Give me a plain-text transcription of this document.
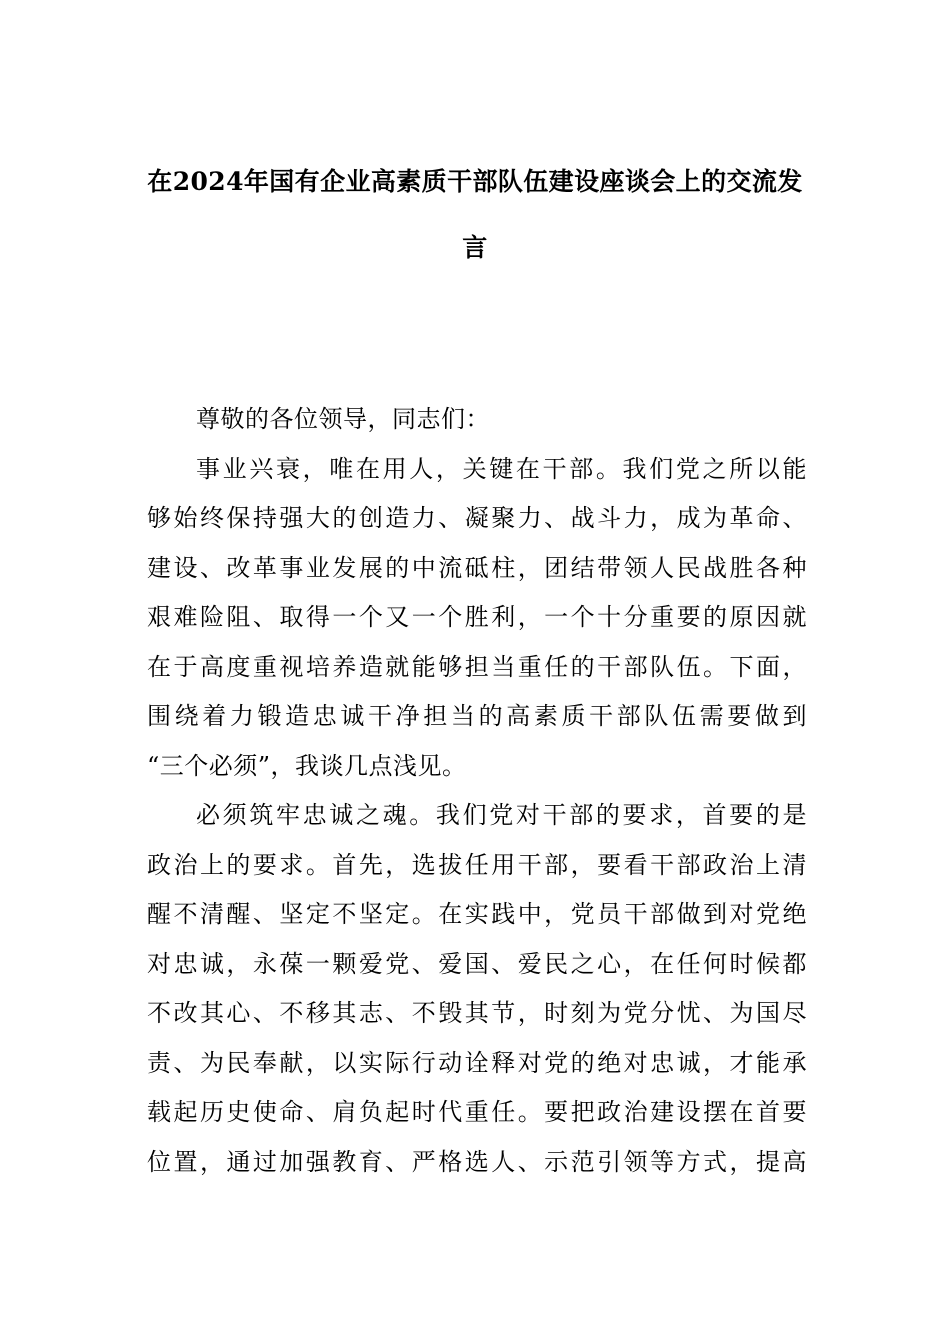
在2024年国有企业高素质干部队伍建设座谈会上的交流发
言
尊敬的各位领导，同志们：
事业兴衰，唯在用人，关键在干部。我们党之所以能
够始终保持强大的创造力、凝聚力、战斗力，成为革命、
建设、改革事业发展的中流砥柱，团结带领人民战胜各种
艰难险阻、取得一个又一个胜利，一个十分重要的原因就
在于高度重视培养造就能够担当重任的干部队伍。下面，
围绕着力锻造忠诚干净担当的高素质干部队伍需要做到
“三个必须”，我谈几点浅见。
必须筑牢忠诚之魂。我们党对干部的要求，首要的是
政治上的要求。首先，选拔任用干部，要看干部政治上清
醒不清醒、坚定不坚定。在实践中，党员干部做到对党绝
对忠诚，永葆一颗爱党、爱国、爱民之心，在任何时候都
不改其心、不移其志、不毁其节，时刻为党分忧、为国尽
责、为民奉献，以实际行动诠释对党的绝对忠诚，才能承
载起历史使命、肩负起时代重任。要把政治建设摆在首要
位置，通过加强教育、严格选人、示范引领等方式，提高
